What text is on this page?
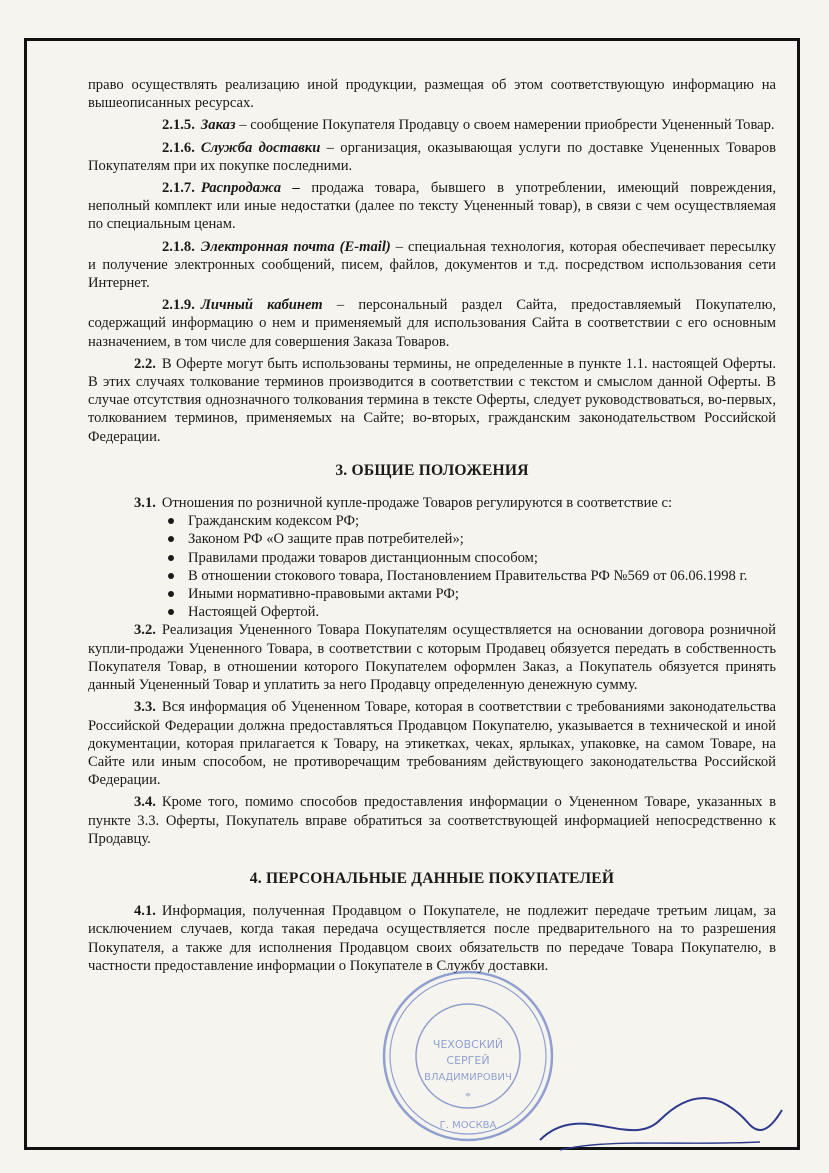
право осуществлять реализацию иной продукции, размещая об этом соответствующую информацию на вышеописанных ресурсах.

2.1.5. Заказ – сообщение Покупателя Продавцу о своем намерении приобрести Уцененный Товар.

2.1.6. Служба доставки – организация, оказывающая услуги по доставке Уцененных Товаров Покупателям при их покупке последними.

2.1.7. Распродажа – продажа товара, бывшего в употреблении, имеющий повреждения, неполный комплект или иные недостатки (далее по тексту Уцененный товар), в связи с чем осуществляемая по специальным ценам.

2.1.8. Электронная почта (E-mail) – специальная технология, которая обеспечивает пересылку и получение электронных сообщений, писем, файлов, документов и т.д. посредством использования сети Интернет.

2.1.9. Личный кабинет – персональный раздел Сайта, предоставляемый Покупателю, содержащий информацию о нем и применяемый для использования Сайта в соответствии с его основным назначением, в том числе для совершения Заказа Товаров.

2.2. В Оферте могут быть использованы термины, не определенные в пункте 1.1. настоящей Оферты. В этих случаях толкование терминов производится в соответствии с текстом и смыслом данной Оферты. В случае отсутствия однозначного толкования термина в тексте Оферты, следует руководствоваться, во-первых, толкованием терминов, применяемых на Сайте; во-вторых, гражданским законодательством Российской Федерации.

3. ОБЩИЕ ПОЛОЖЕНИЯ

3.1. Отношения по розничной купле-продаже Товаров регулируются в соответствие с:

Гражданским кодексом РФ;
Законом РФ «О защите прав потребителей»;
Правилами продажи товаров дистанционным способом;
В отношении стокового товара, Постановлением Правительства РФ №569 от 06.06.1998 г.
Иными нормативно-правовыми актами РФ;
Настоящей Офертой.

3.2. Реализация Уцененного Товара Покупателям осуществляется на основании договора розничной купли-продажи Уцененного Товара, в соответствии с которым Продавец обязуется передать в собственность Покупателя Товар, в отношении которого Покупателем оформлен Заказ, а Покупатель обязуется принять данный Уцененный Товар и уплатить за него Продавцу определенную денежную сумму.

3.3. Вся информация об Уцененном Товаре, которая в соответствии с требованиями законодательства Российской Федерации должна предоставляться Продавцом Покупателю, указывается в технической и иной документации, которая прилагается к Товару, на этикетках, чеках, ярлыках, упаковке, на самом Товаре, на Сайте или иным способом, не противоречащим требованиям действующего законодательства Российской Федерации.

3.4. Кроме того, помимо способов предоставления информации о Уцененном Товаре, указанных в пункте 3.3. Оферты, Покупатель вправе обратиться за соответствующей информацией непосредственно к Продавцу.

4. ПЕРСОНАЛЬНЫЕ ДАННЫЕ ПОКУПАТЕЛЕЙ

4.1. Информация, полученная Продавцом о Покупателе, не подлежит передаче третьим лицам, за исключением случаев, когда такая передача осуществляется после предварительного на то разрешения Покупателя, а также для исполнения Продавцом своих обязательств по передаче Товара Покупателю, в частности предоставление информации о Покупателе в Службу доставки.

ЧЕХОВСКИЙ
СЕРГЕЙ
ВЛАДИМИРОВИЧ
Г. МОСКВА
*
